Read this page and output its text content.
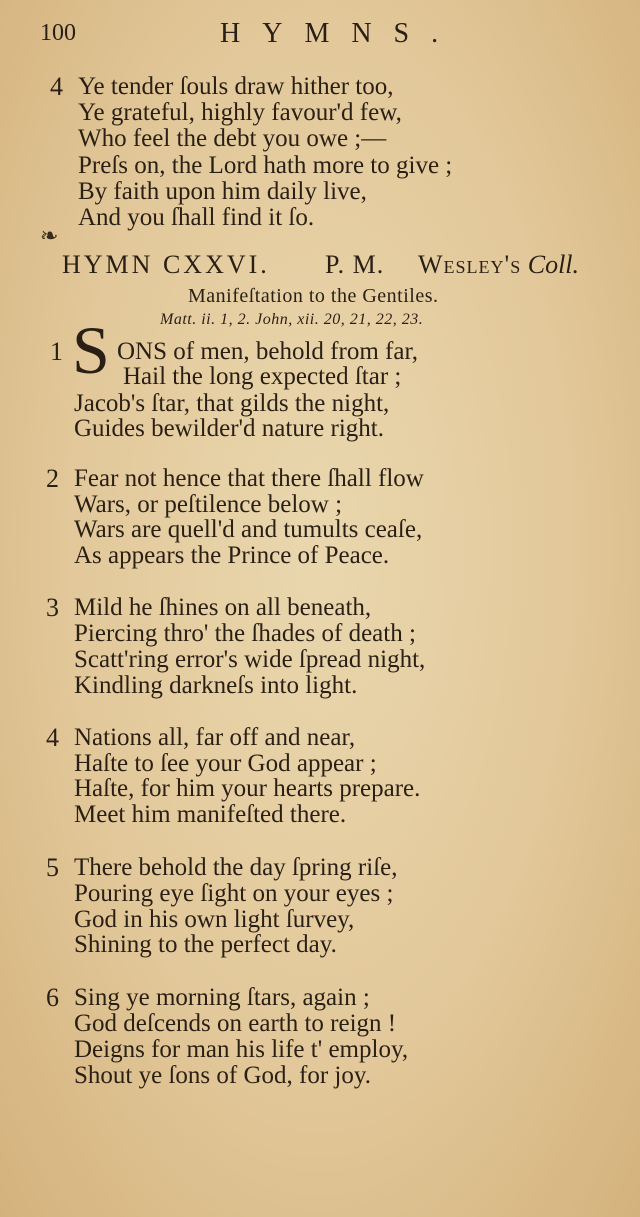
100	HYMNS.
4 Ye tender ſouls draw hither too,
Ye grateful, highly favour'd few,
Who feel the debt you owe ;—
Preſs on, the Lord hath more to give ;
By faith upon him daily live,
And you ſhall find it ſo.
❧
HYMN CXXVI. P. M. Wesley's Coll.
Manifeſtation to the Gentiles.
Matt. ii. 1, 2. John, xii. 20, 21, 22, 23.
1 S ONS of men, behold from far,
Hail the long expected ſtar ;
Jacob's ſtar, that gilds the night,
Guides bewilder'd nature right.
2 Fear not hence that there ſhall flow
Wars, or peſtilence below ;
Wars are quell'd and tumults ceaſe,
As appears the Prince of Peace.
3 Mild he ſhines on all beneath,
Piercing thro' the ſhades of death ;
Scatt'ring error's wide ſpread night,
Kindling darkneſs into light.
4 Nations all, far off and near,
Haſte to ſee your God appear ;
Haſte, for him your hearts prepare.
Meet him manifeſted there.
5 There behold the day ſpring riſe,
Pouring eye ſight on your eyes ;
God in his own light ſurvey,
Shining to the perfect day.
6 Sing ye morning ſtars, again ;
God deſcends on earth to reign !
Deigns for man his life t' employ,
Shout ye ſons of God, for joy.
